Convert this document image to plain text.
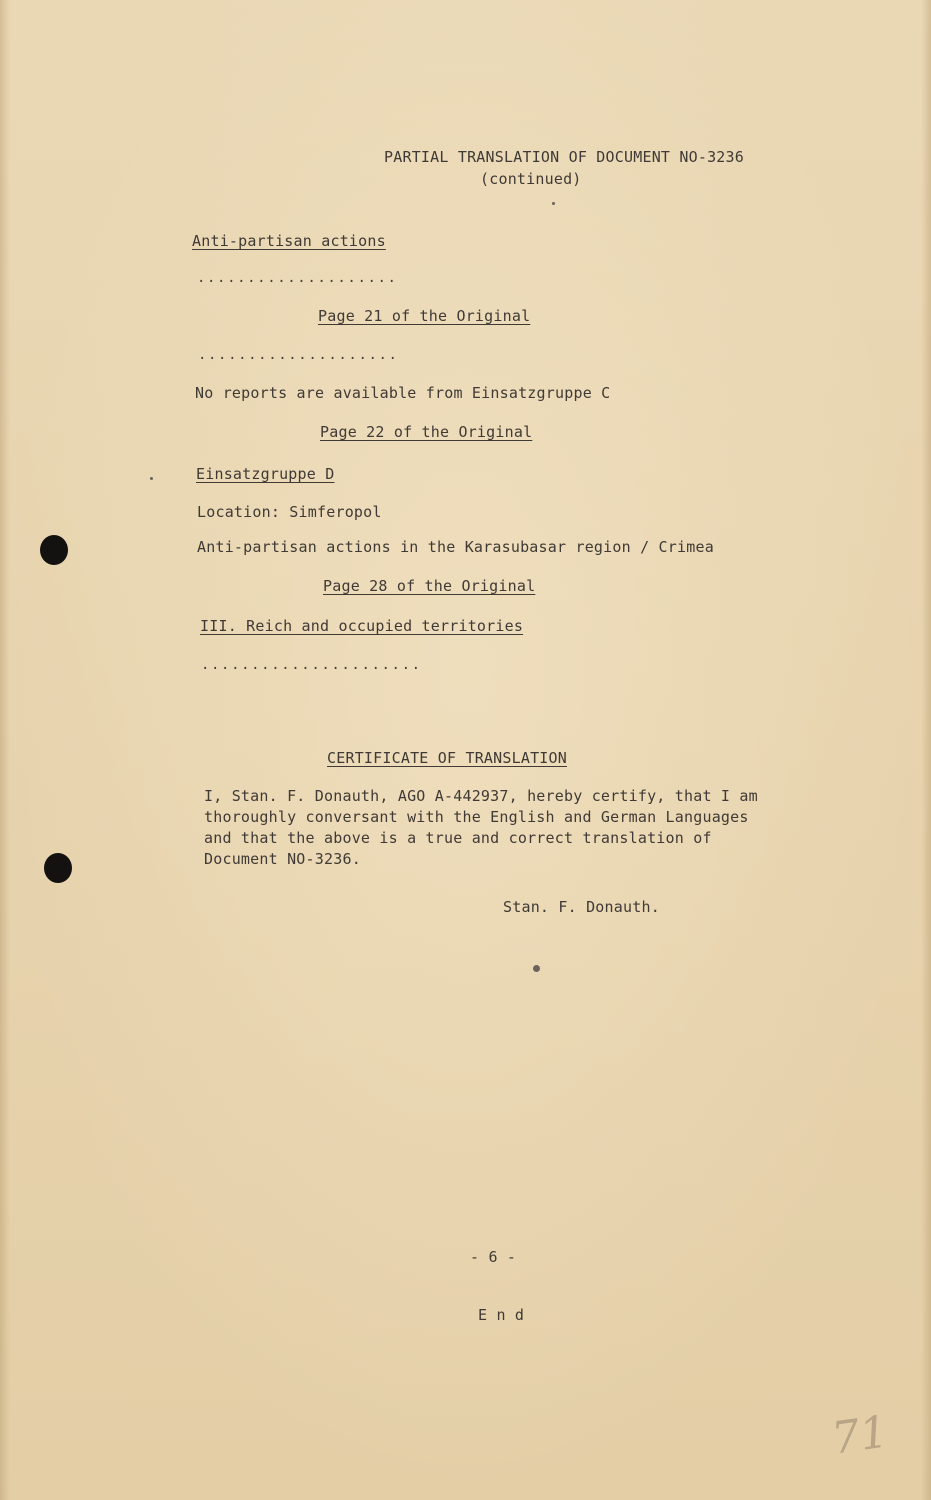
PARTIAL TRANSLATION OF DOCUMENT NO-3236
(continued)
Anti-partisan actions
....................
Page 21 of the Original
....................
No reports are available from Einsatzgruppe C
Page 22 of the Original
Einsatzgruppe D
Location: Simferopol
Anti-partisan actions in the Karasubasar region / Crimea
Page 28 of the Original
III. Reich and occupied territories
......................
CERTIFICATE OF TRANSLATION
I, Stan. F. Donauth, AGO A-442937, hereby certify, that I am
thoroughly conversant with the English and German Languages
and that the above is a true and correct translation of
Document NO-3236.
Stan. F. Donauth.
- 6 -
E n d
71
